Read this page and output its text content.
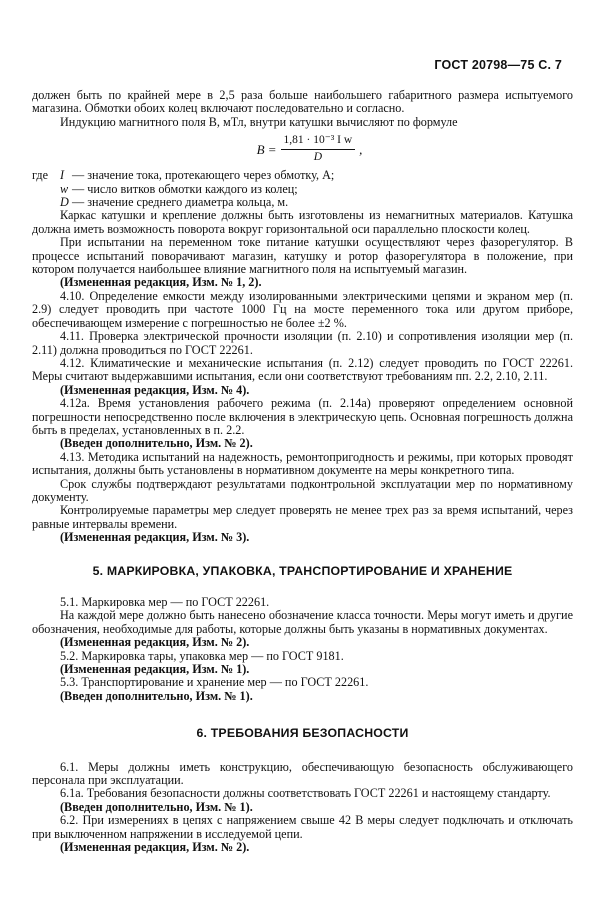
ГОСТ 20798—75 С. 7

должен быть по крайней мере в 2,5 раза больше наибольшего габаритного размера испытуемого магазина. Обмотки обоих колец включают последовательно и согласно.

Индукцию магнитного поля B, мТл, внутри катушки вычисляют по формуле

$B = \frac{\text{1,81 · 10⁻³ I w}}{D}$ ,
где I — значение тока, протекающего через обмотку, А;
w — число витков обмотки каждого из колец;
D — значение среднего диаметра кольца, м.

Каркас катушки и крепление должны быть изготовлены из немагнитных материалов. Катушка должна иметь возможность поворота вокруг горизонтальной оси параллельно плоскости колец.

При испытании на переменном токе питание катушки осуществляют через фазорегулятор. В процессе испытаний поворачивают магазин, катушку и ротор фазорегулятора в положение, при котором получается наибольшее влияние магнитного поля на испытуемый магазин.

(Измененная редакция, Изм. № 1, 2).

4.10. Определение емкости между изолированными электрическими цепями и экраном мер (п. 2.9) следует проводить при частоте 1000 Гц на мосте переменного тока или другом приборе, обеспечивающем измерение с погрешностью не более ±2 %.

4.11. Проверка электрической прочности изоляции (п. 2.10) и сопротивления изоляции мер (п. 2.11) должна проводиться по ГОСТ 22261.

4.12. Климатические и механические испытания (п. 2.12) следует проводить по ГОСТ 22261. Меры считают выдержавшими испытания, если они соответствуют требованиям пп. 2.2, 2.10, 2.11.

(Измененная редакция, Изм. № 4).

4.12а. Время установления рабочего режима (п. 2.14а) проверяют определением основной погрешности непосредственно после включения в электрическую цепь. Основная погрешность должна быть в пределах, установленных в п. 2.2.

(Введен дополнительно, Изм. № 2).

4.13. Методика испытаний на надежность, ремонтопригодность и режимы, при которых проводят испытания, должны быть установлены в нормативном документе на меры конкретного типа.

Срок службы подтверждают результатами подконтрольной эксплуатации мер по нормативному документу.

Контролируемые параметры мер следует проверять не менее трех раз за время испытаний, через равные интервалы времени.

(Измененная редакция, Изм. № 3).

5. МАРКИРОВКА, УПАКОВКА, ТРАНСПОРТИРОВАНИЕ И ХРАНЕНИЕ

5.1. Маркировка мер — по ГОСТ 22261.

На каждой мере должно быть нанесено обозначение класса точности. Меры могут иметь и другие обозначения, необходимые для работы, которые должны быть указаны в нормативных документах.

(Измененная редакция, Изм. № 2).

5.2. Маркировка тары, упаковка мер — по ГОСТ 9181.

(Измененная редакция, Изм. № 1).

5.3. Транспортирование и хранение мер — по ГОСТ 22261.

(Введен дополнительно, Изм. № 1).

6. ТРЕБОВАНИЯ БЕЗОПАСНОСТИ

6.1. Меры должны иметь конструкцию, обеспечивающую безопасность обслуживающего персонала при эксплуатации.

6.1а. Требования безопасности должны соответствовать ГОСТ 22261 и настоящему стандарту.

(Введен дополнительно, Изм. № 1).

6.2. При измерениях в цепях с напряжением свыше 42 В меры следует подключать и отключать при выключенном напряжении в исследуемой цепи.

(Измененная редакция, Изм. № 2).
